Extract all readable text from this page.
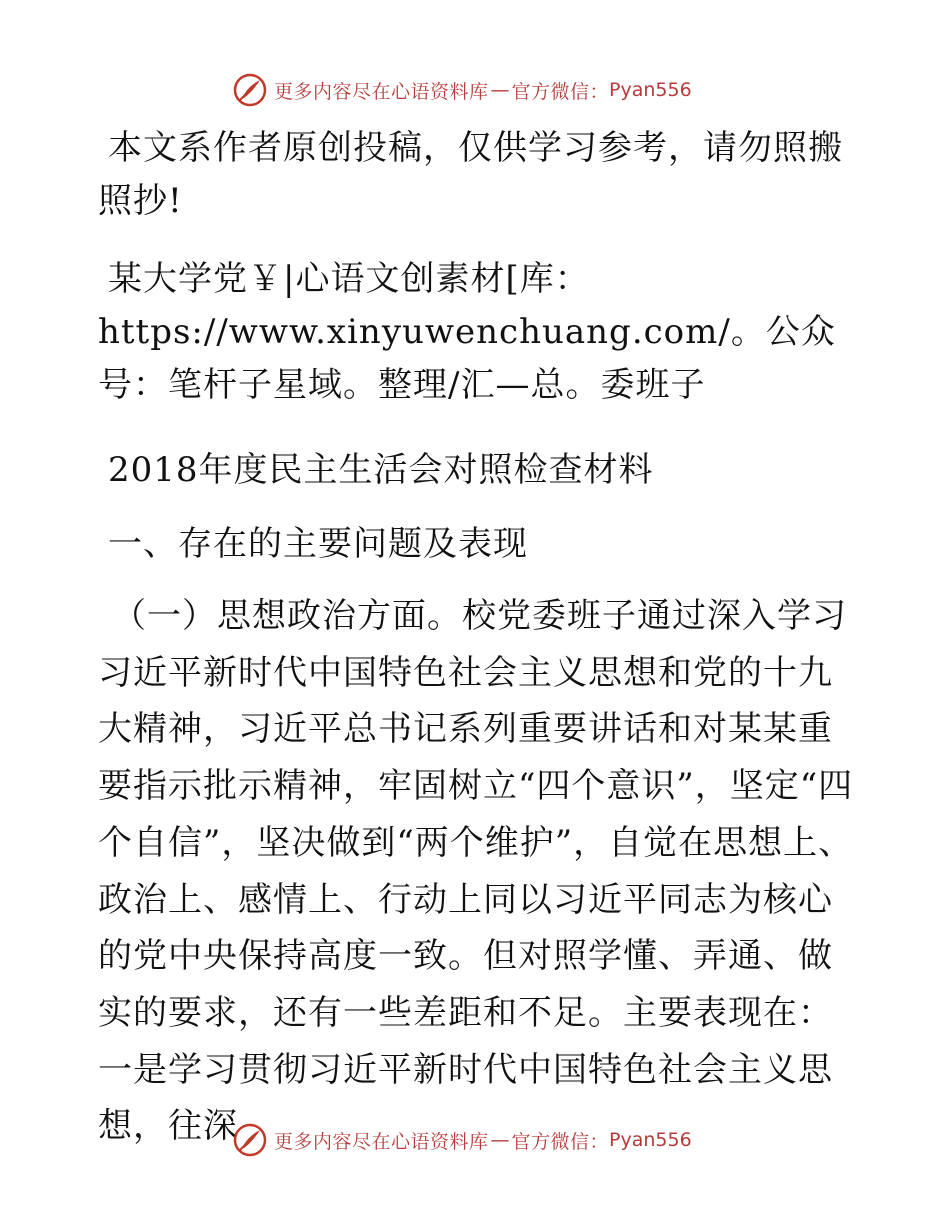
更多内容尽在心语资料库 — 官方微信： Pyan556

本文系作者原创投稿，仅供学习参考，请勿照搬照抄!

某大学党￥|心语文创素材[库：https://www.xinyuwenchuang.com/。公众号：笔杆子星域。整理/汇—总。委班子

2018年度民主生活会对照检查材料

一、存在的主要问题及表现

（一）思想政治方面。校党委班子通过深入学习习近平新时代中国特色社会主义思想和党的十九大精神，习近平总书记系列重要讲话和对某某重要指示批示精神，牢固树立“四个意识”，坚定“四个自信”，坚决做到“两个维护”，自觉在思想上、政治上、感情上、行动上同以习近平同志为核心的党中央保持高度一致。但对照学懂、弄通、做实的要求，还有一些差距和不足。主要表现在：一是学习贯彻习近平新时代中国特色社会主义思想，往深	更多内容尽在心语资料库 — 官方微信： Pyan556
